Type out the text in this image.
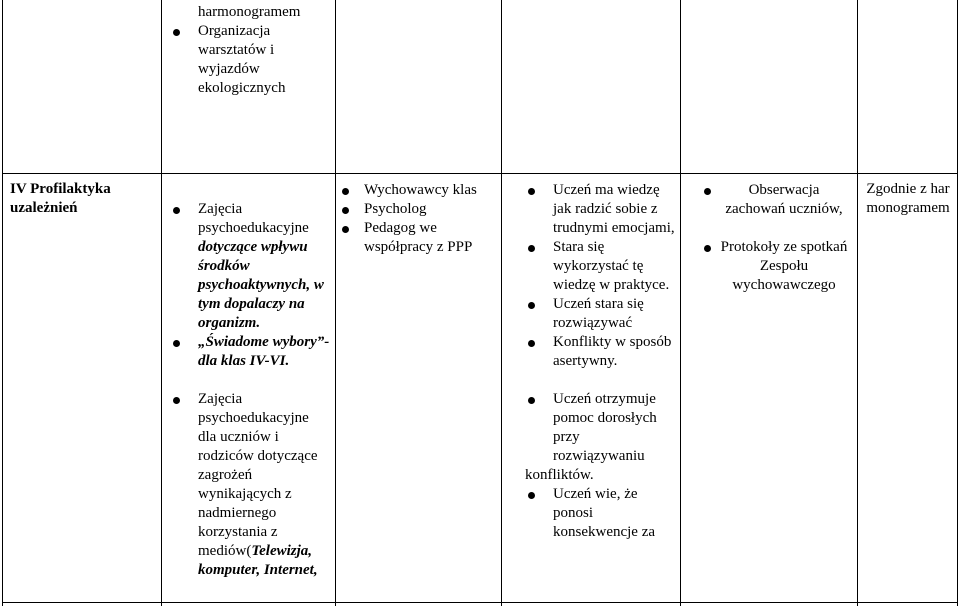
harmonogramem
Organizacja warsztatów i wyjazdów ekologicznych
IV Profilaktyka uzależnień	Zajęcia psychoedukacyjne dotyczące wpływu środków psychoaktywnych, w tym dopalaczy na organizm.
„Świadome wybory”-dla klas IV-VI.
Zajęcia psychoedukacyjne dla uczniów i rodziców dotyczące zagrożeń wynikających z nadmiernego korzystania z mediów(Telewizja, komputer, Internet,
Wychowawcy klas
Psycholog
Pedagog we współpracy z PPP
Uczeń ma wiedzę jak radzić sobie z trudnymi emocjami,
Stara się wykorzystać tę wiedzę w praktyce.
Uczeń stara się rozwiązywać
Konflikty w sposób asertywny.
Uczeń otrzymuje pomoc dorosłych przy rozwiązywaniu
konfliktów.
Uczeń wie, że ponosi konsekwencje za
Obserwacja zachowań uczniów,
Protokoły ze spotkań Zespołu wychowawczego
Zgodnie z harmonogramem
